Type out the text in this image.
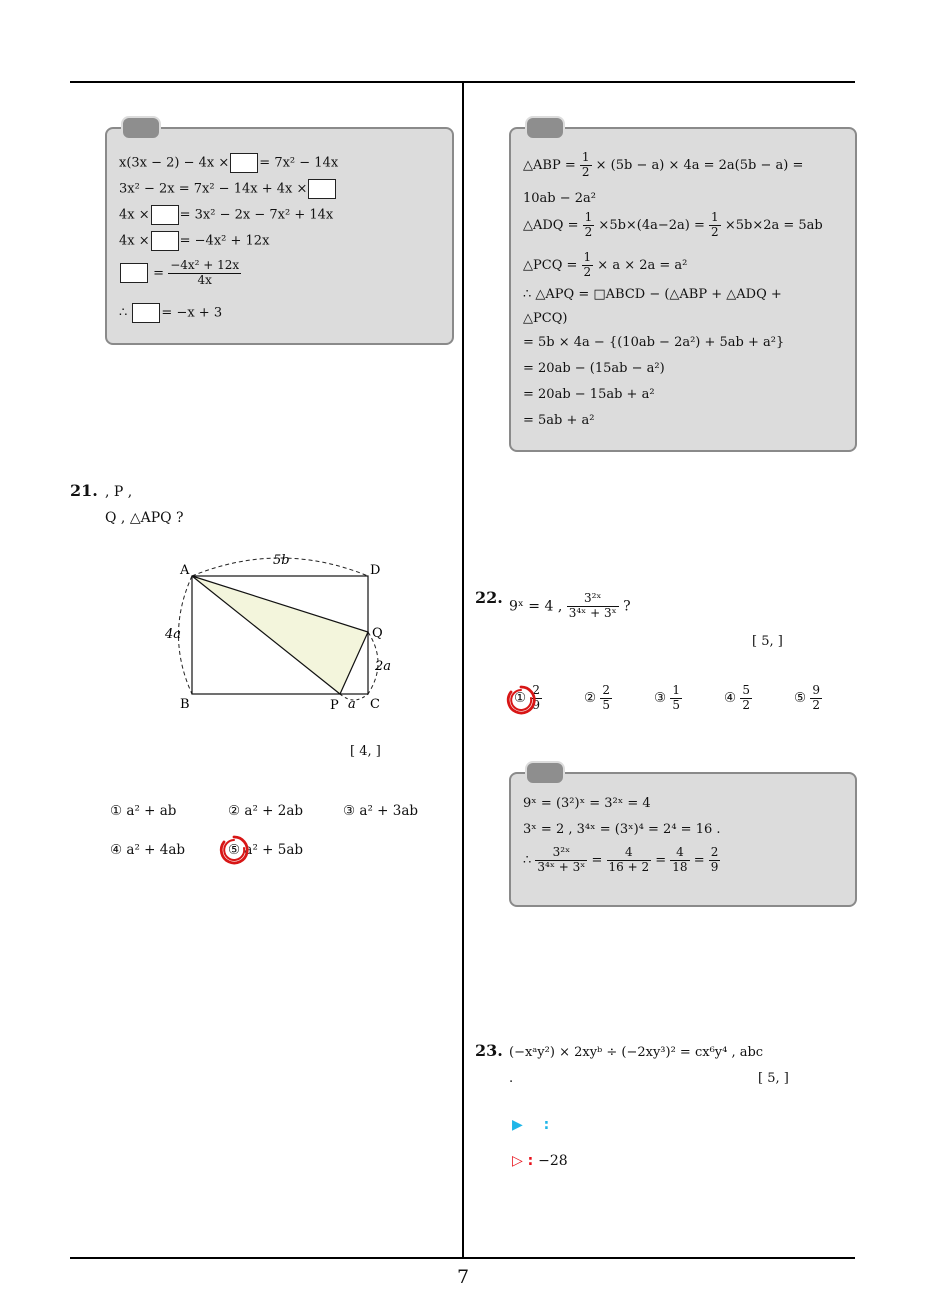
7
x(3x − 2) − 4x × = 7x² − 14x
3x² − 2x = 7x² − 14x + 4x ×
4x × = 3x² − 2x − 7x² + 14x
4x × = −4x² + 12x
= $\frac{\text{−4x² + 12x}}{4x}$
∴	= −x + 3
21. , P ,
Q , △APQ ?
A	D
B	C
P
Q
5b
4a
2a
a
[ 4, ]
① a² + ab	② a² + 2ab	③ a² + 3ab
④ a² + 4ab	⑤ a² + 5ab
△ABP = $\frac{1}{2} \times (5b - a) \times 4a = 2a(5b - a)$ =
10ab − 2a²
△ADQ = $\frac{1}{2} \times 5b\times(4a-2a) = \frac{1}{2} \times 5b\times 2a = 5ab$
△PCQ = $\frac{1}{2} \times a \times 2a = a^2$
∴ △APQ = □ABCD − (△ABP + △ADQ +
△PCQ)
= 5b × 4a − {(10ab − 2a²) + 5ab + a²}
= 20ab − (15ab − a²)
= 20ab − 15ab + a²
= 5ab + a²
22. 9ˣ = 4 , $\frac{\text{3²ˣ}}{\text{3⁴ˣ + 3ˣ}}$ ?
[ 5, ]
① $\frac{2}{9}$	② $\frac{2}{5}$	③ $\frac{1}{5}$	④ $\frac{5}{2}$	⑤ $\frac{9}{2}$
9ˣ = (3²)ˣ = 3²ˣ = 4
3ˣ = 2 , 3⁴ˣ = (3ˣ)⁴ = 2⁴ = 16 .
∴ $\frac{\text{3²ˣ}}{\text{3⁴ˣ + 3ˣ}} = \frac{4}{16 + 2} = \frac{4}{18} = \frac{2}{9}$
23. (−xᵃy²) × 2xyᵇ ÷ (−2xy³)² = cx⁶y⁴ , abc
.	[ 5, ]
▶ :
▷ : −28
